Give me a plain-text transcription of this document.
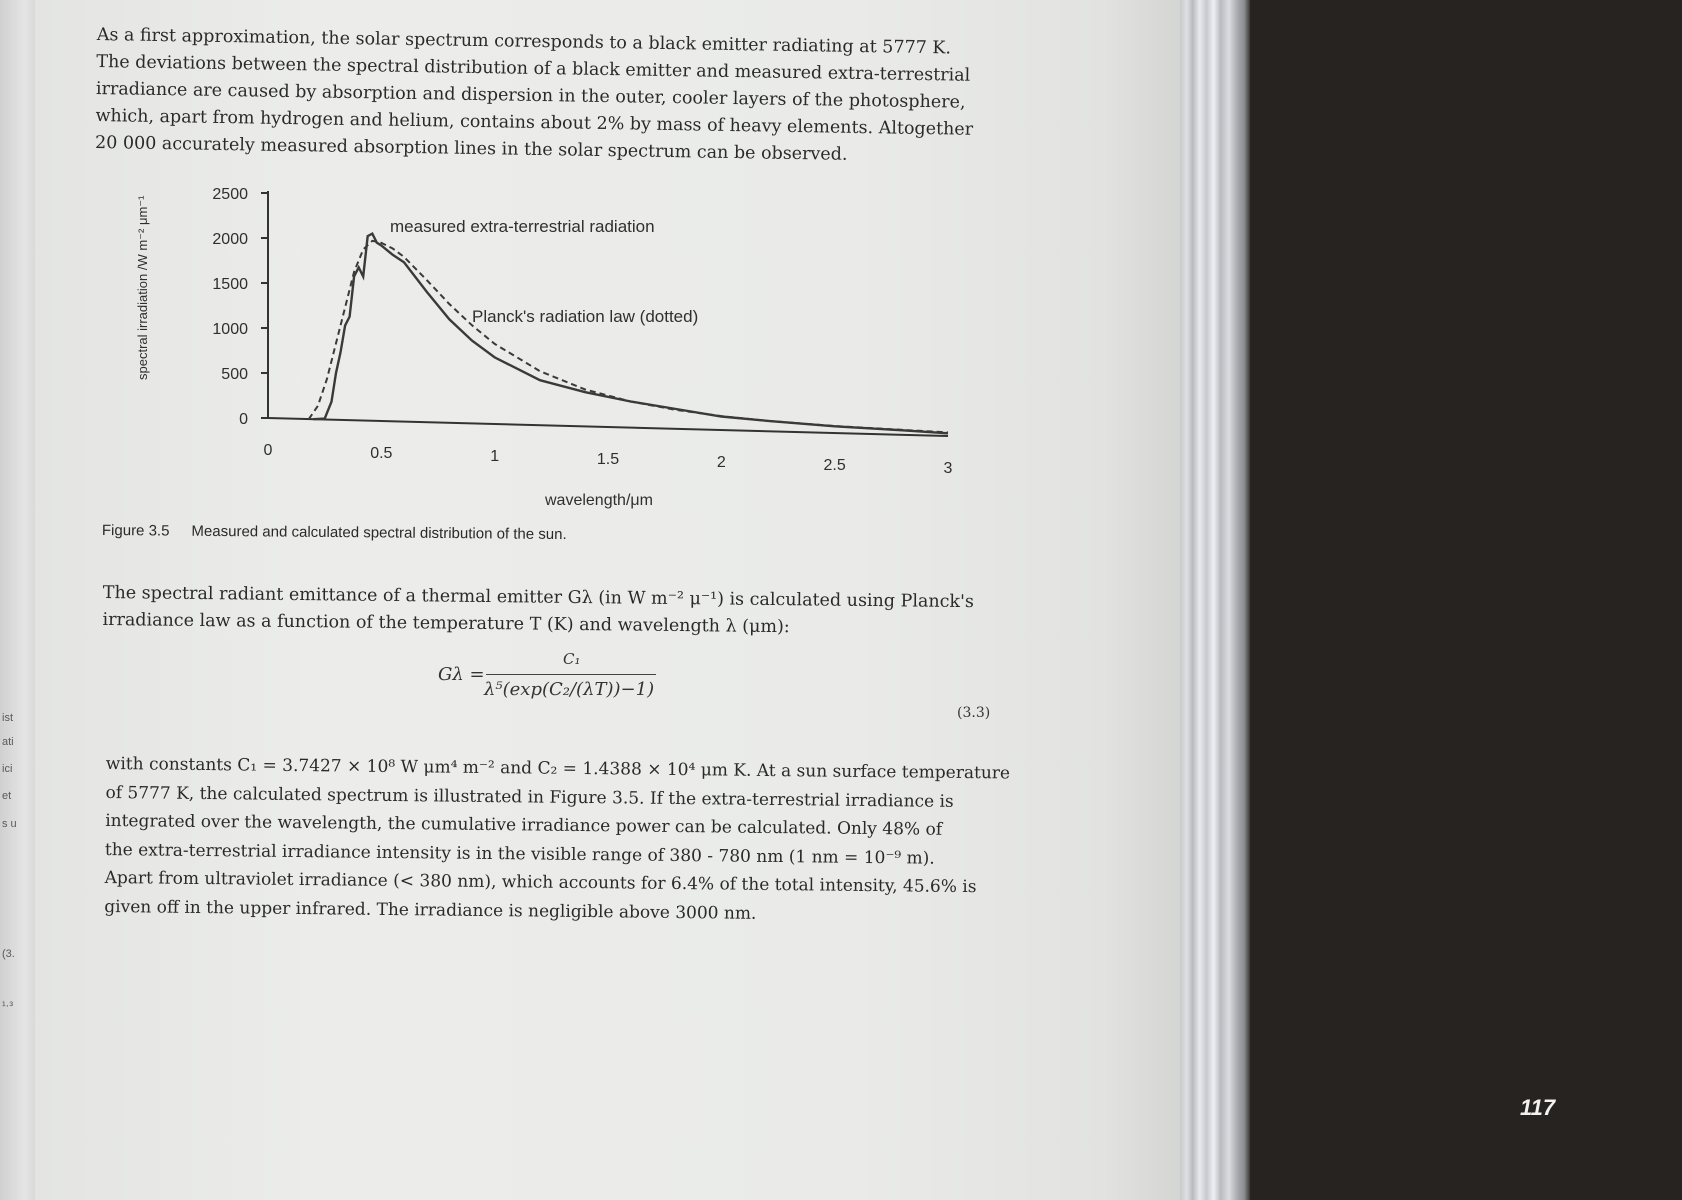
ist
ati
ici
et
s u
(3.
¹·³
117
As a first approximation, the solar spectrum corresponds to a black emitter radiating at 5777 K.
The deviations between the spectral distribution of a black emitter and measured extra-terrestrial
irradiance are caused by absorption and dispersion in the outer, cooler layers of the photosphere,
which, apart from hydrogen and helium, contains about 2% by mass of heavy elements. Altogether
20 000 accurately measured absorption lines in the solar spectrum can be observed.
0
500
1000
1500
2000
2500
0	0.5	1	1.5	2	2.5	3
measured extra-terrestrial radiation
Planck's radiation law (dotted)
wavelength/μm
spectral irradiation /W m⁻² μm⁻¹
Figure 3.5 Measured and calculated spectral distribution of the sun.
The spectral radiant emittance of a thermal emitter Gλ (in W m⁻² μ⁻¹) is calculated using Planck's
irradiance law as a function of the temperature T (K) and wavelength λ (μm):
Gλ =
C₁
λ⁵(exp(C₂/(λT))−1)
(3.3)
with constants C₁ = 3.7427 × 10⁸ W μm⁴ m⁻² and C₂ = 1.4388 × 10⁴ μm K. At a sun surface temperature
of 5777 K, the calculated spectrum is illustrated in Figure 3.5. If the extra-terrestrial irradiance is
integrated over the wavelength, the cumulative irradiance power can be calculated. Only 48% of
the extra-terrestrial irradiance intensity is in the visible range of 380 - 780 nm (1 nm = 10⁻⁹ m).
Apart from ultraviolet irradiance (< 380 nm), which accounts for 6.4% of the total intensity, 45.6% is
given off in the upper infrared. The irradiance is negligible above 3000 nm.
